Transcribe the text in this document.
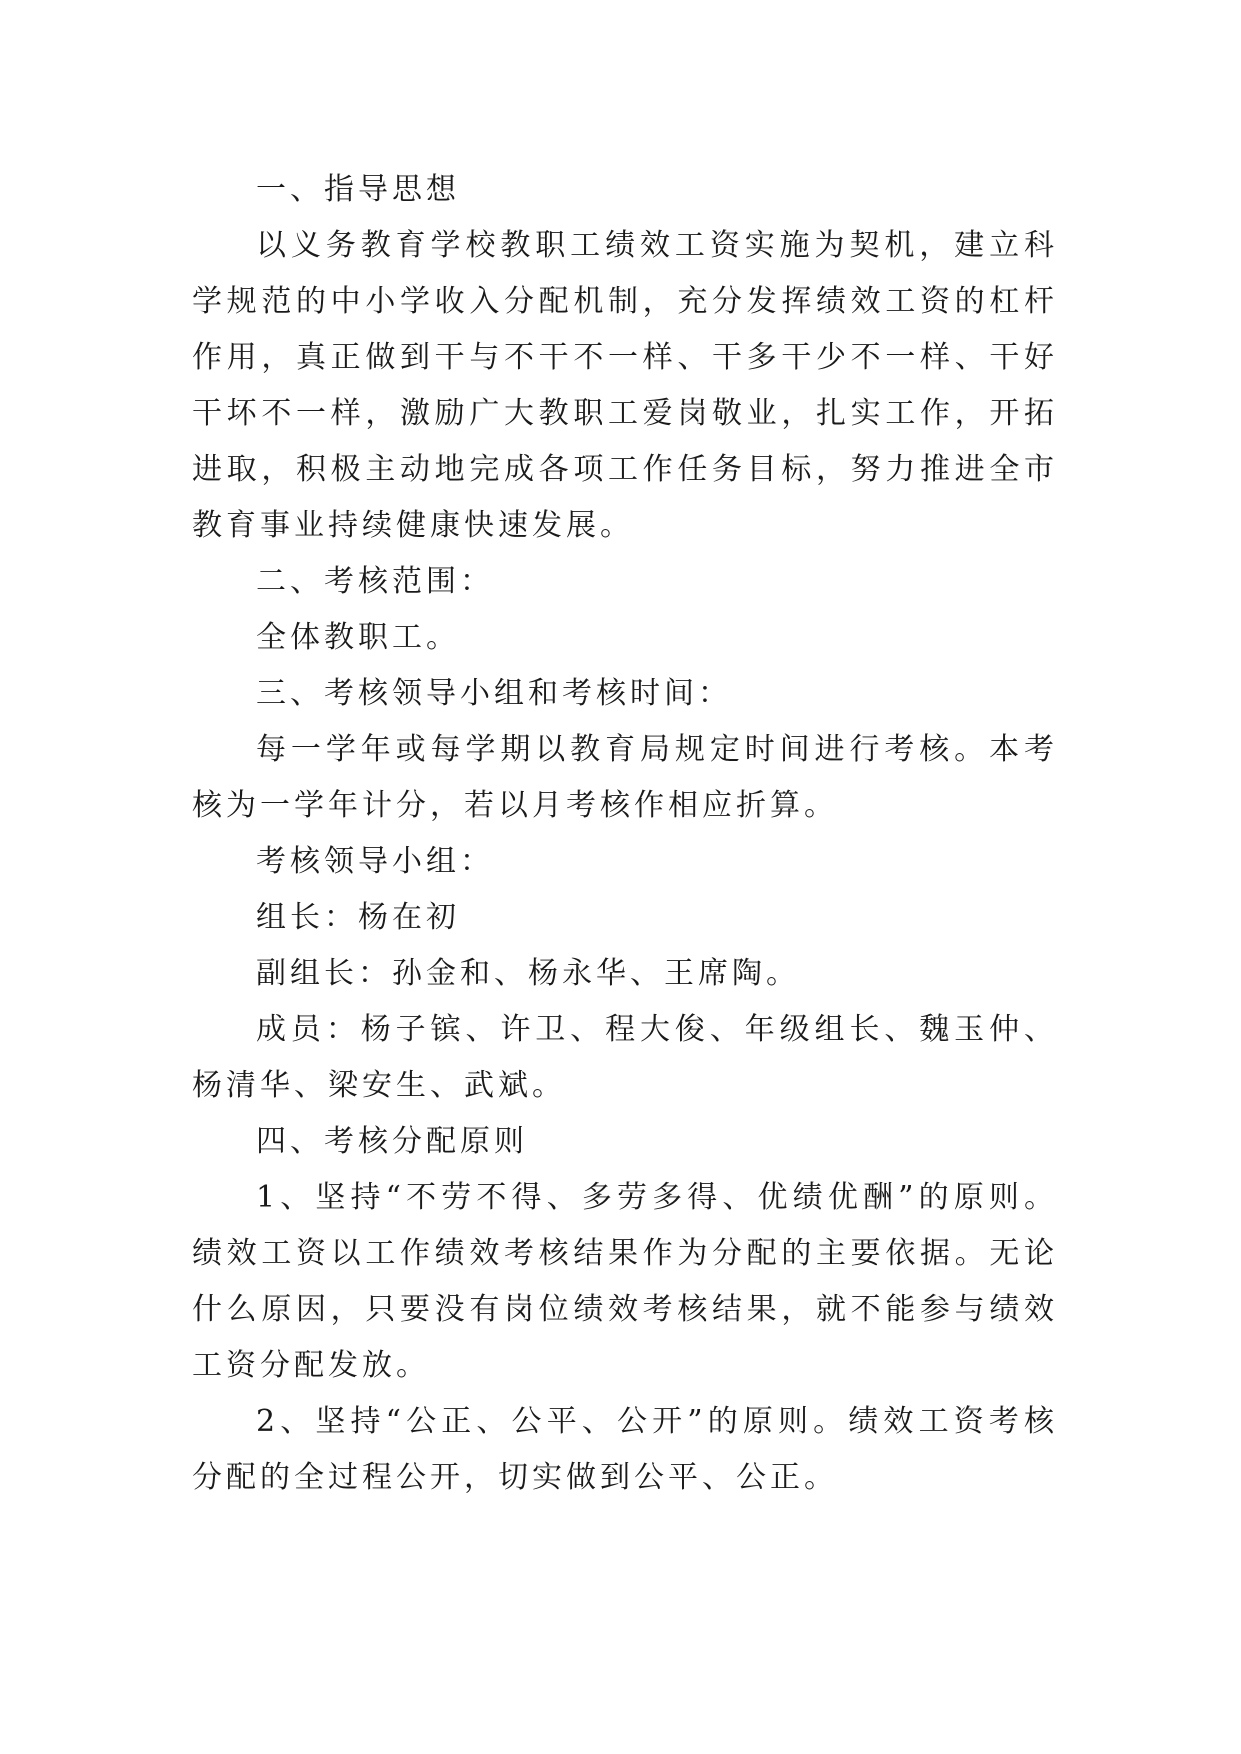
一、指导思想

以义务教育学校教职工绩效工资实施为契机，建立科学规范的中小学收入分配机制，充分发挥绩效工资的杠杆作用，真正做到干与不干不一样、干多干少不一样、干好干坏不一样，激励广大教职工爱岗敬业，扎实工作，开拓进取，积极主动地完成各项工作任务目标，努力推进全市教育事业持续健康快速发展。

二、考核范围：

全体教职工。

三、考核领导小组和考核时间：

每一学年或每学期以教育局规定时间进行考核。本考核为一学年计分，若以月考核作相应折算。

考核领导小组：

组长：杨在初

副组长：孙金和、杨永华、王席陶。

成员：杨子镔、许卫、程大俊、年级组长、魏玉仲、杨清华、梁安生、武斌。

四、考核分配原则

1、坚持“不劳不得、多劳多得、优绩优酬”的原则。绩效工资以工作绩效考核结果作为分配的主要依据。无论什么原因，只要没有岗位绩效考核结果，就不能参与绩效工资分配发放。

2、坚持“公正、公平、公开”的原则。绩效工资考核分配的全过程公开，切实做到公平、公正。
